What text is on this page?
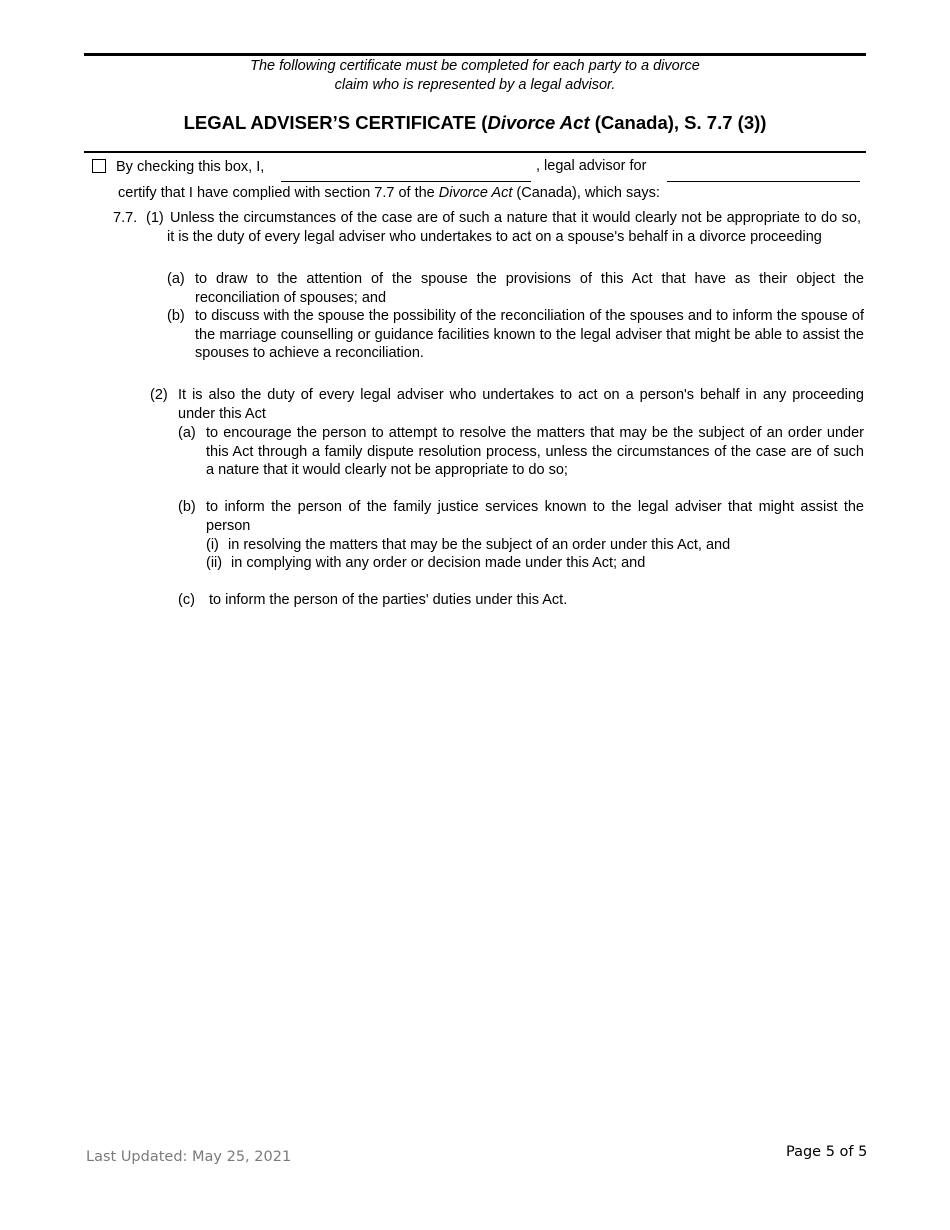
The following certificate must be completed for each party to a divorce
claim who is represented by a legal advisor.
LEGAL ADVISER’S CERTIFICATE (Divorce Act (Canada), S. 7.7 (3))
By checking this box, I,	, legal advisor for
certify that I have complied with section 7.7 of the Divorce Act (Canada), which says:
7.7. (1) Unless the circumstances of the case are of such a nature that it would clearly not be appropriate to do so, it is the duty of every legal adviser who undertakes to act on a spouse's behalf in a divorce proceeding
(a) to draw to the attention of the spouse the provisions of this Act that have as their object the reconciliation of spouses; and
(b) to discuss with the spouse the possibility of the reconciliation of the spouses and to inform the spouse of the marriage counselling or guidance facilities known to the legal adviser that might be able to assist the spouses to achieve a reconciliation.
(2) It is also the duty of every legal adviser who undertakes to act on a person's behalf in any proceeding under this Act
(a) to encourage the person to attempt to resolve the matters that may be the subject of an order under this Act through a family dispute resolution process, unless the circumstances of the case are of such a nature that it would clearly not be appropriate to do so;
(b) to inform the person of the family justice services known to the legal adviser that might assist the person
(i) in resolving the matters that may be the subject of an order under this Act, and
(ii) in complying with any order or decision made under this Act; and
(c) to inform the person of the parties' duties under this Act.
Last Updated: May 25, 2021	Page 5 of 5
